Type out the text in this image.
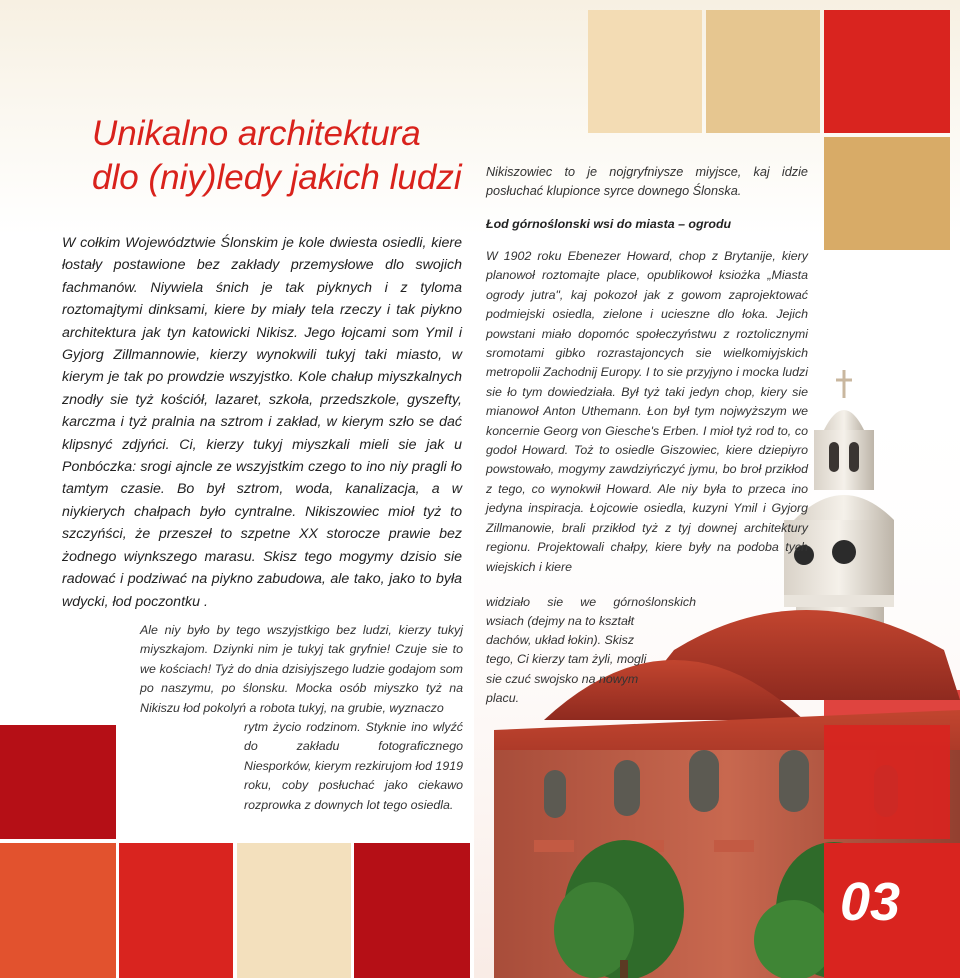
Unikalno architektura
dlo (niy)ledy jakich ludzi	Nikiszowiec to je nojgryfniysze miyjsce, kaj idzie posłuchać klupionce syrce downego Ślonska.

W cołkim Województwie Ślonskim je kole dwiesta osiedli, kiere łostały postawione bez zakłady przemysłowe dlo swojich fachmanów. Niywiela śnich je tak piyknych i z tyloma roztomajtymi dinksami, kiere by miały tela rzeczy i tak piykno architektura jak tyn katowicki Nikisz. Jego łojcami som Ymil i Gyjorg Zillmannowie, kierzy wynokwili tukyj taki miasto, w kierym je tak po prowdzie wszyjstko. Kole chałup miyszkalnych znodły sie tyż kościół, lazaret, szkoła, przedszkole, gyszefty, karczma i tyż pralnia na sztrom i zakład, w kierym szło se dać klipsnyć zdjyńci. Ci, kierzy tukyj miyszkali mieli sie jak u Ponbóczka: srogi ajncle ze wszyjstkim czego to ino niy pragli ło tamtym czasie. Bo był sztrom, woda, kanalizacja, a w niykierych chałpach było cyntralne. Nikiszowiec mioł tyż to szczyńści, że przeszeł to szpetne XX storocze prawie bez żodnego wiynkszego marasu. Skisz tego mogymy dzisio sie radować i podziwać na piykno zabudowa, ale tako, jako to była wdycki, łod poczontku .

Ale niy było by tego wszyjstkigo bez ludzi, kierzy tukyj miyszkajom. Dziynki nim je tukyj tak gryfnie! Czuje sie to we kościach! Tyż do dnia dzisiyjszego ludzie godajom som po naszymu, po ślonsku. Mocka osób miyszko tyż na Nikiszu łod pokolyń a robota tukyj, na grubie, wyznaczo

rytm życio rodzinom. Styknie ino wlyźć do zakładu fotograficznego Niesporków, kierym rezkirujom łod 1919 roku, coby posłuchać jako ciekawo rozprowka z downych lot tego osiedla.

Łod górnoślonski wsi do miasta – ogrodu

W 1902 roku Ebenezer Howard, chop z Brytanije, kiery planowoł roztomajte place, opublikowoł ksiożka „Miasta ogrody jutra", kaj pokozoł jak z gowom zaprojektować podmiejski osiedla, zielone i ucieszne dlo łoka. Jejich powstani miało dopomóc społeczyństwu z roztolicznymi sromotami gibko rozrastajoncych sie wielkomiyjskich metropolii Zachodnij Europy. I to sie przyjyno i mocka ludzi sie ło tym dowiedziała. Był tyż taki jedyn chop, kiery sie mianowoł Anton Uthemann. Łon był tym nojwyższym we koncernie Georg von Giesche's Erben. I mioł tyż rod to, co godoł Howard. Toż to osiedle Giszowiec, kiere dziepiyro powstowało, mogymy zawdziyńczyć jymu, bo broł przikłod z tego, co wynokwił Howard. Ale niy była to przeca ino jedyna inspiracja. Łojcowie osiedla, kuzyni Ymil i Gyjorg Zillmanowie, brali przikłod tyż z tyj downej architektury regionu. Projektowali chałpy, kiere były na podoba tych wiejskich i kiere

widziało sie we górnoślonskich wsiach (dejmy na to kształt

dachów, układ łokin). Skisz tego, Ci kierzy tam żyli, mogli sie czuć swojsko na nowym placu.

03
